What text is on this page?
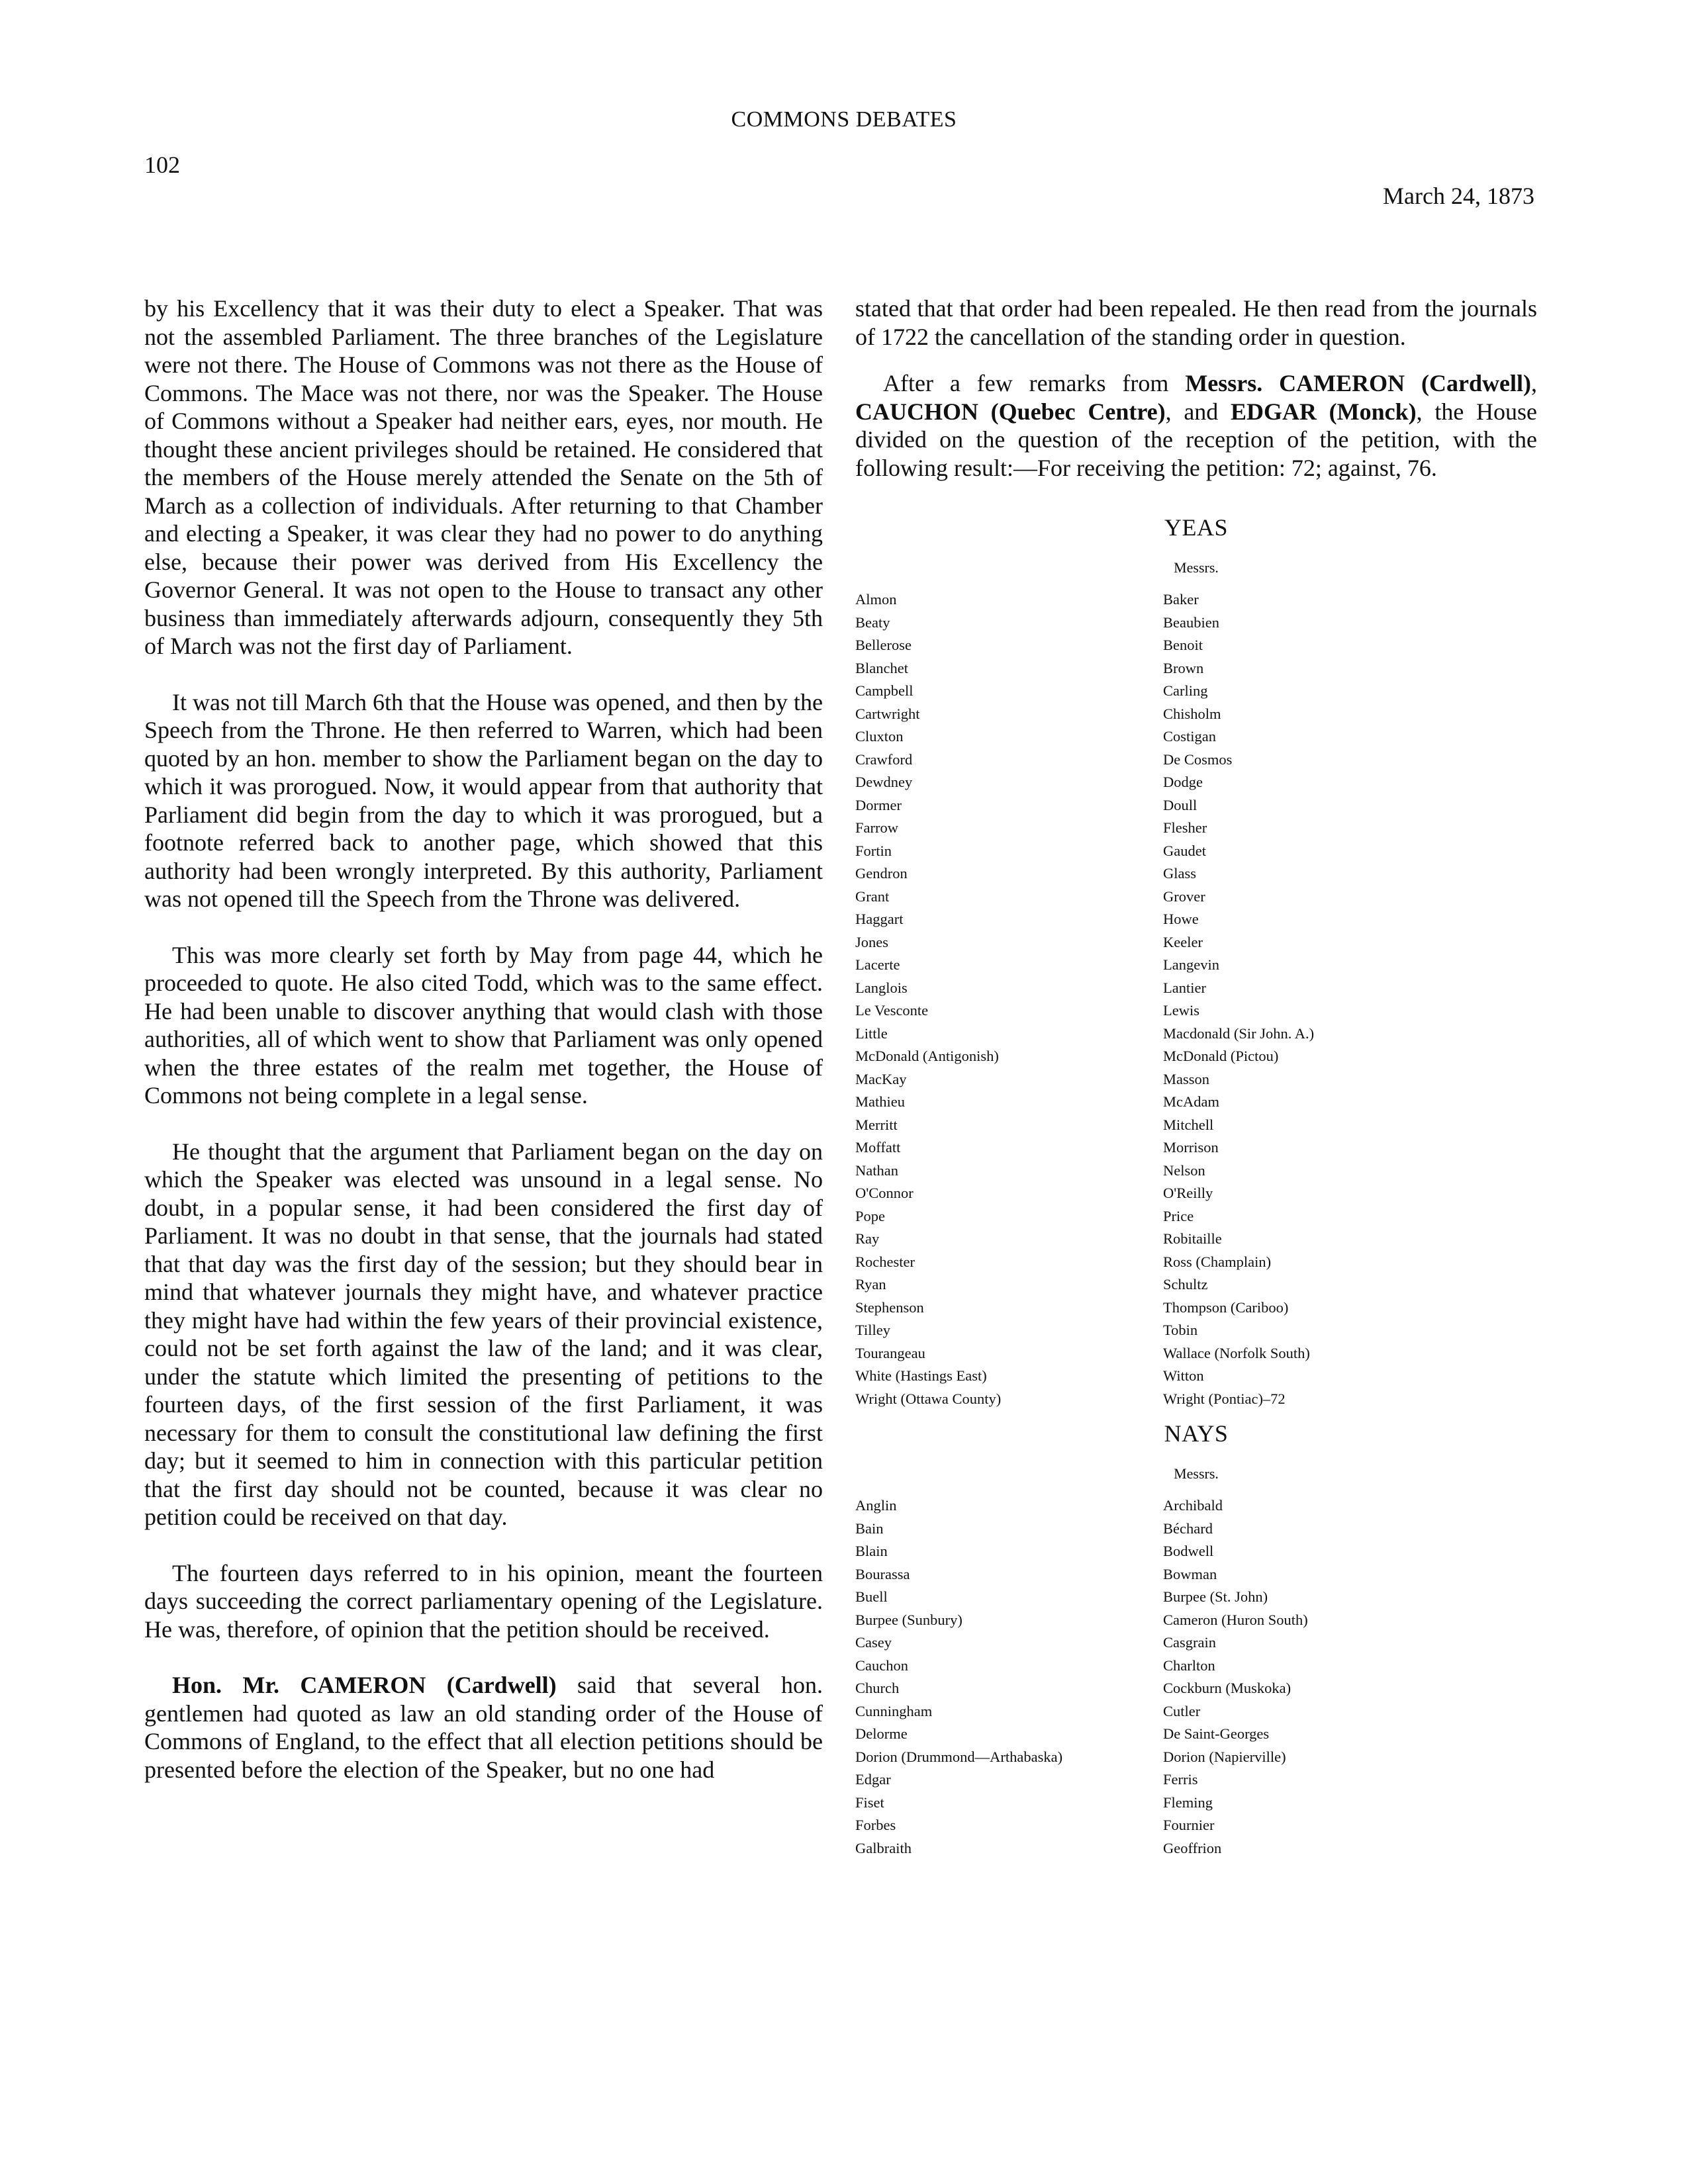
COMMONS DEBATES
102
March 24, 1873

by his Excellency that it was their duty to elect a Speaker. That was not the assembled Parliament. The three branches of the Legislature were not there. The House of Commons was not there as the House of Commons. The Mace was not there, nor was the Speaker. The House of Commons without a Speaker had neither ears, eyes, nor mouth. He thought these ancient privileges should be retained. He considered that the members of the House merely attended the Senate on the 5th of March as a collection of individuals. After returning to that Chamber and electing a Speaker, it was clear they had no power to do anything else, because their power was derived from His Excellency the Governor General. It was not open to the House to transact any other business than immediately afterwards adjourn, consequently they 5th of March was not the first day of Parliament.

It was not till March 6th that the House was opened, and then by the Speech from the Throne. He then referred to Warren, which had been quoted by an hon. member to show the Parliament began on the day to which it was prorogued. Now, it would appear from that authority that Parliament did begin from the day to which it was prorogued, but a footnote referred back to another page, which showed that this authority had been wrongly interpreted. By this authority, Parliament was not opened till the Speech from the Throne was delivered.

This was more clearly set forth by May from page 44, which he proceeded to quote. He also cited Todd, which was to the same effect. He had been unable to discover anything that would clash with those authorities, all of which went to show that Parliament was only opened when the three estates of the realm met together, the House of Commons not being complete in a legal sense.

He thought that the argument that Parliament began on the day on which the Speaker was elected was unsound in a legal sense. No doubt, in a popular sense, it had been considered the first day of Parliament. It was no doubt in that sense, that the journals had stated that that day was the first day of the session; but they should bear in mind that whatever journals they might have, and whatever practice they might have had within the few years of their provincial existence, could not be set forth against the law of the land; and it was clear, under the statute which limited the presenting of petitions to the fourteen days, of the first session of the first Parliament, it was necessary for them to consult the constitutional law defining the first day; but it seemed to him in connection with this particular petition that the first day should not be counted, because it was clear no petition could be received on that day.

The fourteen days referred to in his opinion, meant the fourteen days succeeding the correct parliamentary opening of the Legislature. He was, therefore, of opinion that the petition should be received.

Hon. Mr. CAMERON (Cardwell) said that several hon. gentlemen had quoted as law an old standing order of the House of Commons of England, to the effect that all election petitions should be presented before the election of the Speaker, but no one had

stated that that order had been repealed. He then read from the journals of 1722 the cancellation of the standing order in question.

After a few remarks from Messrs. CAMERON (Cardwell), CAUCHON (Quebec Centre), and EDGAR (Monck), the House divided on the question of the reception of the petition, with the following result:—For receiving the petition: 72; against, 76.

YEAS
Messrs.
Almon	Baker
Beaty	Beaubien
Bellerose	Benoit
Blanchet	Brown
Campbell	Carling
Cartwright	Chisholm
Cluxton	Costigan
Crawford	De Cosmos
Dewdney	Dodge
Dormer	Doull
Farrow	Flesher
Fortin	Gaudet
Gendron	Glass
Grant	Grover
Haggart	Howe
Jones	Keeler
Lacerte	Langevin
Langlois	Lantier
Le Vesconte	Lewis
Little	Macdonald (Sir John. A.)
McDonald (Antigonish)	McDonald (Pictou)
MacKay	Masson
Mathieu	McAdam
Merritt	Mitchell
Moffatt	Morrison
Nathan	Nelson
O'Connor	O'Reilly
Pope	Price
Ray	Robitaille
Rochester	Ross (Champlain)
Ryan	Schultz
Stephenson	Thompson (Cariboo)
Tilley	Tobin
Tourangeau	Wallace (Norfolk South)
White (Hastings East)	Witton
Wright (Ottawa County)	Wright (Pontiac)–72
NAYS
Messrs.
Anglin	Archibald
Bain	Béchard
Blain	Bodwell
Bourassa	Bowman
Buell	Burpee (St. John)
Burpee (Sunbury)	Cameron (Huron South)
Casey	Casgrain
Cauchon	Charlton
Church	Cockburn (Muskoka)
Cunningham	Cutler
Delorme	De Saint-Georges
Dorion (Drummond—Arthabaska)	Dorion (Napierville)
Edgar	Ferris
Fiset	Fleming
Forbes	Fournier
Galbraith	Geoffrion
